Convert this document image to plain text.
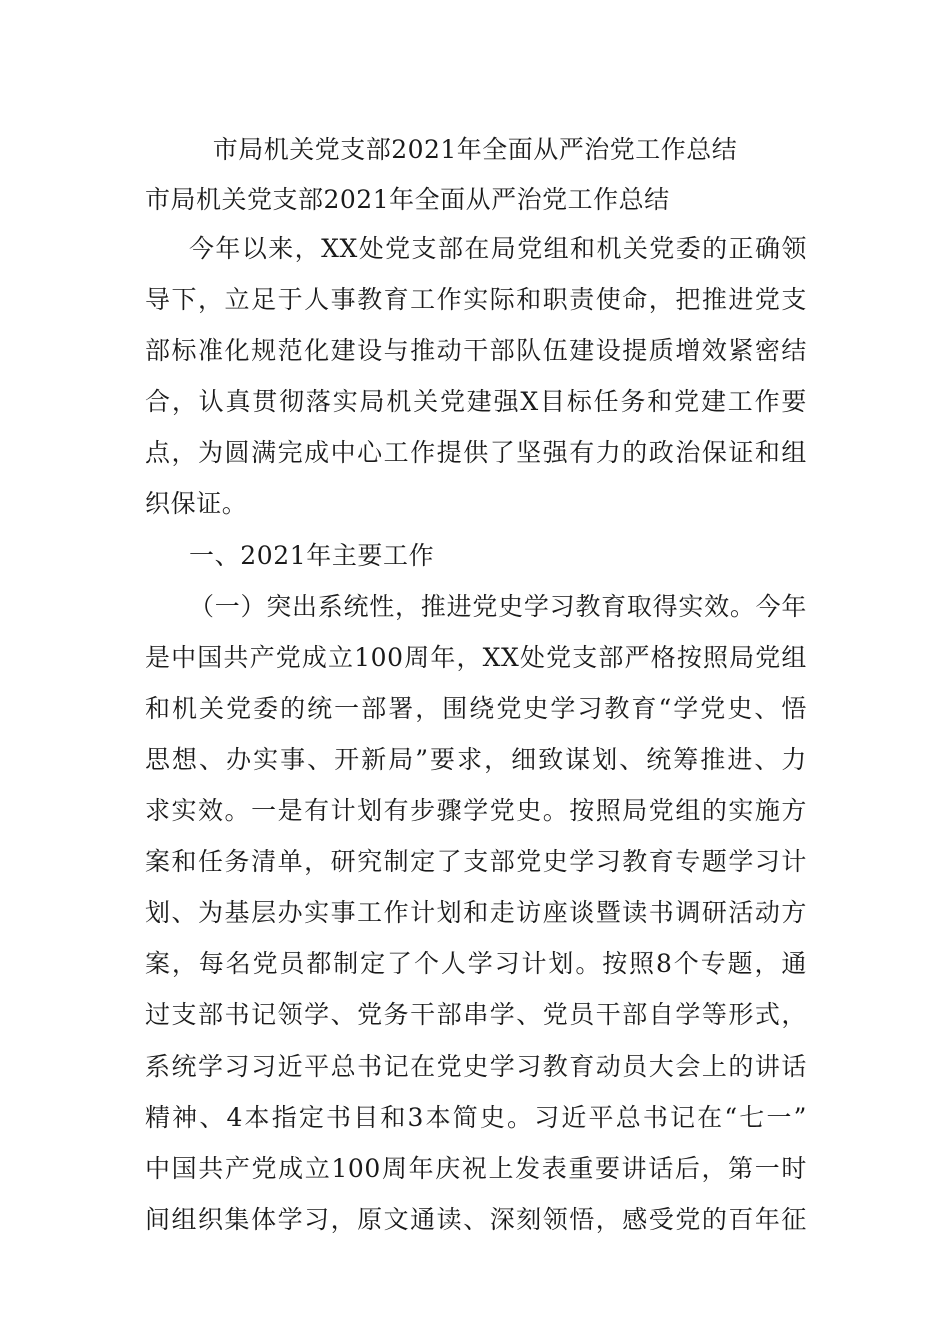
市局机关党支部2021年全面从严治党工作总结
市局机关党支部2021年全面从严治党工作总结
今年以来，XX处党支部在局党组和机关党委的正确领
导下，立足于人事教育工作实际和职责使命，把推进党支
部标准化规范化建设与推动干部队伍建设提质增效紧密结
合，认真贯彻落实局机关党建强X目标任务和党建工作要
点，为圆满完成中心工作提供了坚强有力的政治保证和组
织保证。
一、2021年主要工作
（一）突出系统性，推进党史学习教育取得实效。今年
是中国共产党成立100周年，XX处党支部严格按照局党组
和机关党委的统一部署，围绕党史学习教育“学党史、悟
思想、办实事、开新局”要求，细致谋划、统筹推进、力
求实效。一是有计划有步骤学党史。按照局党组的实施方
案和任务清单，研究制定了支部党史学习教育专题学习计
划、为基层办实事工作计划和走访座谈暨读书调研活动方
案，每名党员都制定了个人学习计划。按照8个专题，通
过支部书记领学、党务干部串学、党员干部自学等形式，
系统学习习近平总书记在党史学习教育动员大会上的讲话
精神、4本指定书目和3本简史。习近平总书记在“七一”
中国共产党成立100周年庆祝上发表重要讲话后，第一时
间组织集体学习，原文通读、深刻领悟，感受党的百年征
